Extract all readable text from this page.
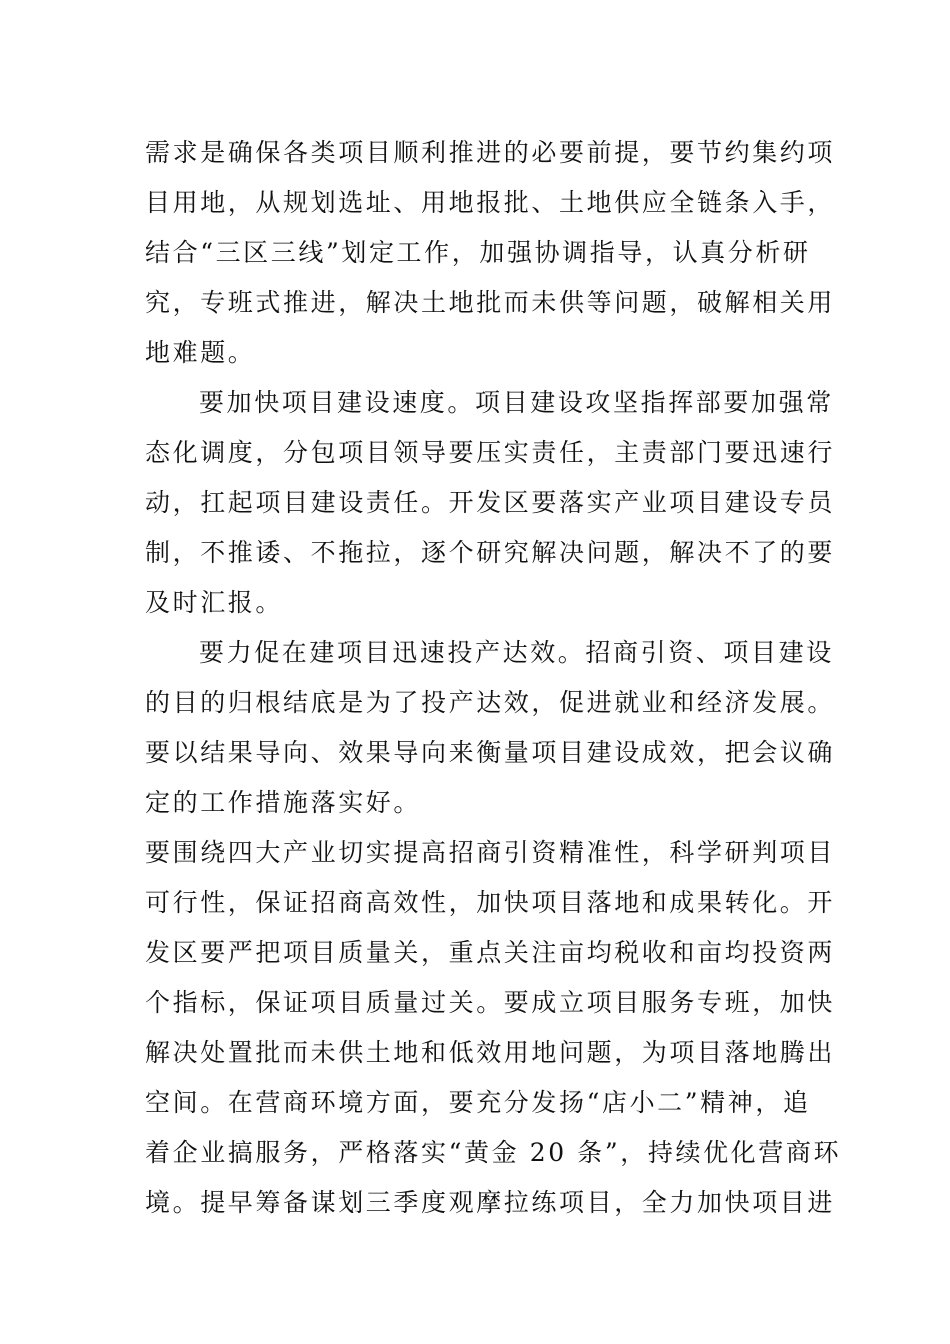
需求是确保各类项目顺利推进的必要前提，要节约集约项
目用地，从规划选址、用地报批、土地供应全链条入手，
结合“三区三线”划定工作，加强协调指导，认真分析研
究，专班式推进，解决土地批而未供等问题，破解相关用
地难题。
要加快项目建设速度。项目建设攻坚指挥部要加强常
态化调度，分包项目领导要压实责任，主责部门要迅速行
动，扛起项目建设责任。开发区要落实产业项目建设专员
制，不推诿、不拖拉，逐个研究解决问题，解决不了的要
及时汇报。
要力促在建项目迅速投产达效。招商引资、项目建设
的目的归根结底是为了投产达效，促进就业和经济发展。
要以结果导向、效果导向来衡量项目建设成效，把会议确
定的工作措施落实好。
要围绕四大产业切实提高招商引资精准性，科学研判项目
可行性，保证招商高效性，加快项目落地和成果转化。开
发区要严把项目质量关，重点关注亩均税收和亩均投资两
个指标，保证项目质量过关。要成立项目服务专班，加快
解决处置批而未供土地和低效用地问题，为项目落地腾出
空间。在营商环境方面，要充分发扬“店小二”精神，追
着企业搞服务，严格落实“黄金 20 条”，持续优化营商环
境。提早筹备谋划三季度观摩拉练项目，全力加快项目进
